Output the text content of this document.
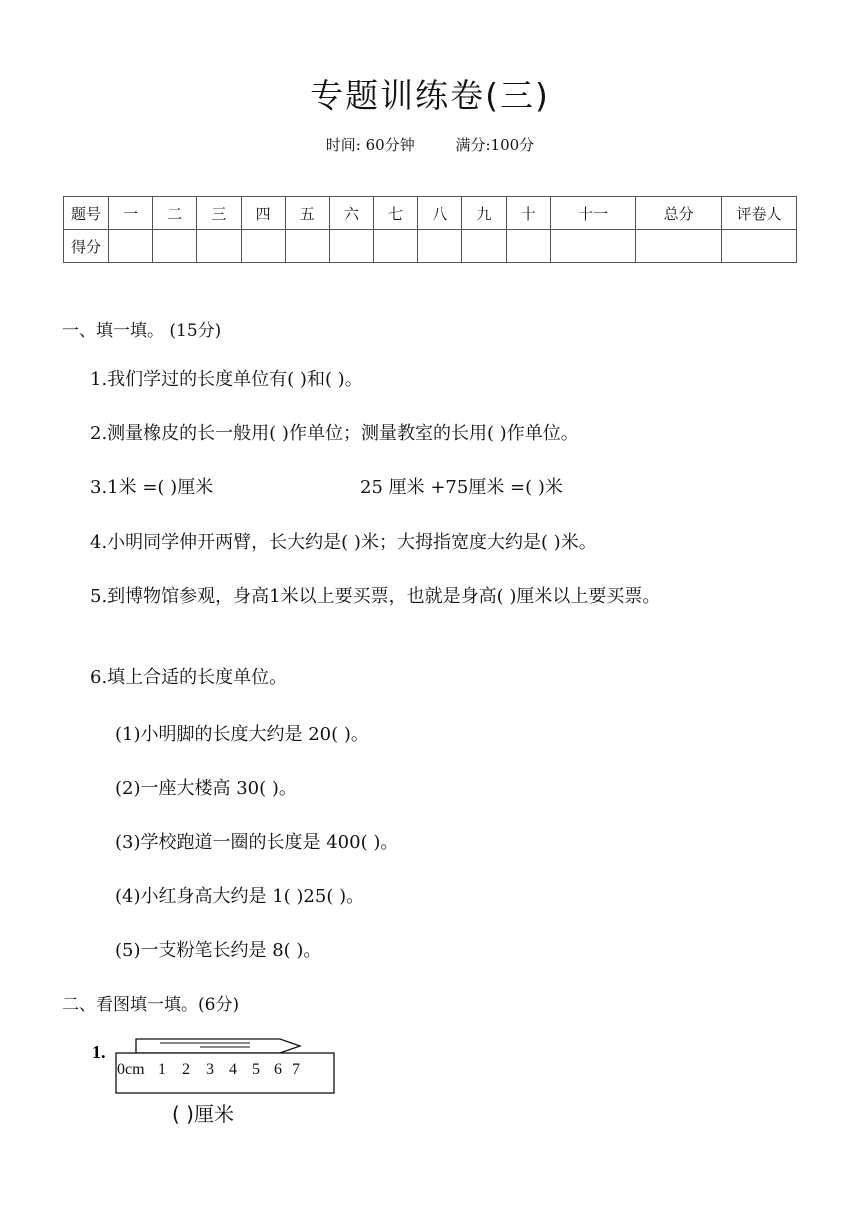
专题训练卷(三)
时间: 60分钟	满分:100分
题号	一	二	三	四	五	六	七	八	九	十	十一	总分	评卷人
得分													
一、填一填。 (15分)
1.我们学过的长度单位有( )和( )。
2.测量橡皮的长一般用( )作单位；测量教室的长用( )作单位。
3.1米 =( )厘米	25 厘米 +75厘米 =( )米
4.小明同学伸开两臂，长大约是( )米；大拇指宽度大约是( )米。
5.到博物馆参观，身高1米以上要买票，也就是身高( )厘米以上要买票。
6.填上合适的长度单位。
(1)小明脚的长度大约是 20( )。
(2)一座大楼高 30( )。
(3)学校跑道一圈的长度是 400( )。
(4)小红身高大约是 1( )25( )。
(5)一支粉笔长约是 8( )。
二、看图填一填。(6分)
1.
0cm 1 2 3 4 5 6 7
( )厘米
